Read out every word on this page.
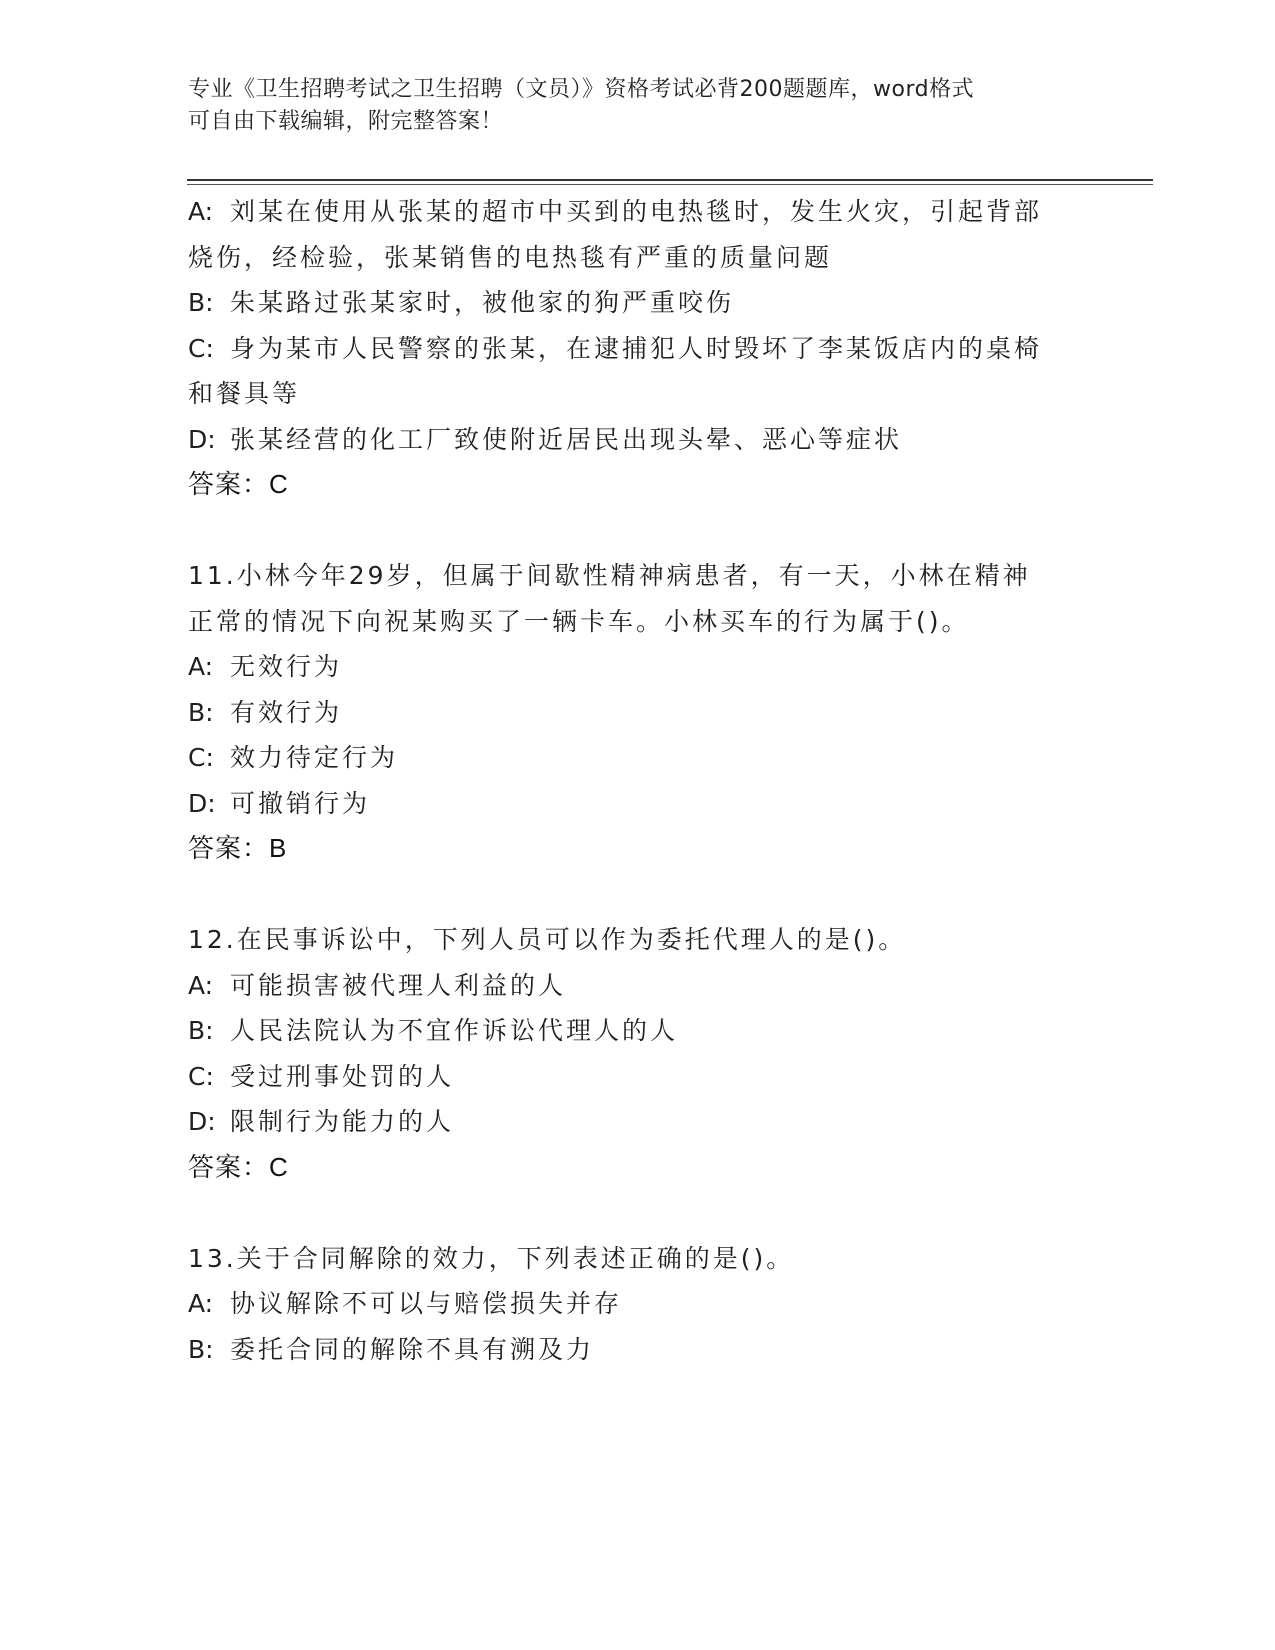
专业《卫生招聘考试之卫生招聘（文员）》资格考试必背200题题库，word格式
可自由下载编辑，附完整答案！
A: 刘某在使用从张某的超市中买到的电热毯时，发生火灾，引起背部
烧伤，经检验，张某销售的电热毯有严重的质量问题
B: 朱某路过张某家时，被他家的狗严重咬伤
C: 身为某市人民警察的张某，在逮捕犯人时毁坏了李某饭店内的桌椅
和餐具等
D: 张某经营的化工厂致使附近居民出现头晕、恶心等症状
答案：C
11.小林今年29岁，但属于间歇性精神病患者，有一天，小林在精神
正常的情况下向祝某购买了一辆卡车。小林买车的行为属于()。
A: 无效行为
B: 有效行为
C: 效力待定行为
D: 可撤销行为
答案：B
12.在民事诉讼中，下列人员可以作为委托代理人的是()。
A: 可能损害被代理人利益的人
B: 人民法院认为不宜作诉讼代理人的人
C: 受过刑事处罚的人
D: 限制行为能力的人
答案：C
13.关于合同解除的效力，下列表述正确的是()。
A: 协议解除不可以与赔偿损失并存
B: 委托合同的解除不具有溯及力
